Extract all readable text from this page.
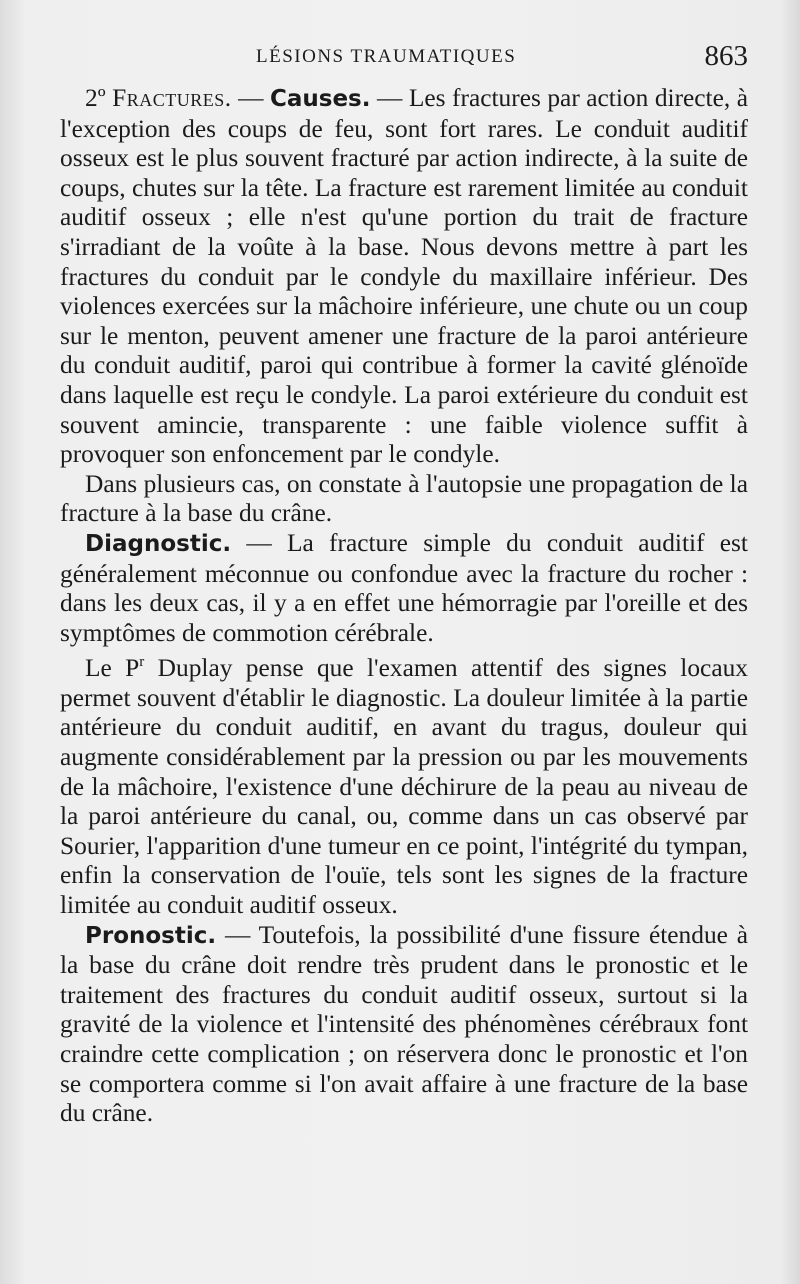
LÉSIONS TRAUMATIQUES	863

2º Fractures. — Causes. — Les fractures par action directe, à l'exception des coups de feu, sont fort rares. Le conduit auditif osseux est le plus souvent fracturé par action indirecte, à la suite de coups, chutes sur la tête. La fracture est rarement limitée au conduit auditif osseux ; elle n'est qu'une portion du trait de fracture s'irradiant de la voûte à la base. Nous devons mettre à part les fractures du conduit par le condyle du maxillaire inférieur. Des violences exercées sur la mâchoire inférieure, une chute ou un coup sur le menton, peuvent amener une fracture de la paroi antérieure du conduit auditif, paroi qui contribue à former la cavité glénoïde dans laquelle est reçu le condyle. La paroi extérieure du conduit est souvent amincie, transparente : une faible violence suffit à provoquer son enfoncement par le condyle.

Dans plusieurs cas, on constate à l'autopsie une propagation de la fracture à la base du crâne.

Diagnostic. — La fracture simple du conduit auditif est généralement méconnue ou confondue avec la fracture du rocher : dans les deux cas, il y a en effet une hémorragie par l'oreille et des symptômes de commotion cérébrale.

Le $P^r$ Duplay pense que l'examen attentif des signes locaux permet souvent d'établir le diagnostic. La douleur limitée à la partie antérieure du conduit auditif, en avant du tragus, douleur qui augmente considérablement par la pression ou par les mouvements de la mâchoire, l'existence d'une déchirure de la peau au niveau de la paroi antérieure du canal, ou, comme dans un cas observé par Sourier, l'apparition d'une tumeur en ce point, l'intégrité du tympan, enfin la conservation de l'ouïe, tels sont les signes de la fracture limitée au conduit auditif osseux.

Pronostic. — Toutefois, la possibilité d'une fissure étendue à la base du crâne doit rendre très prudent dans le pronostic et le traitement des fractures du conduit auditif osseux, surtout si la gravité de la violence et l'intensité des phénomènes cérébraux font craindre cette complication ; on réservera donc le pronostic et l'on se comportera comme si l'on avait affaire à une fracture de la base du crâne.
